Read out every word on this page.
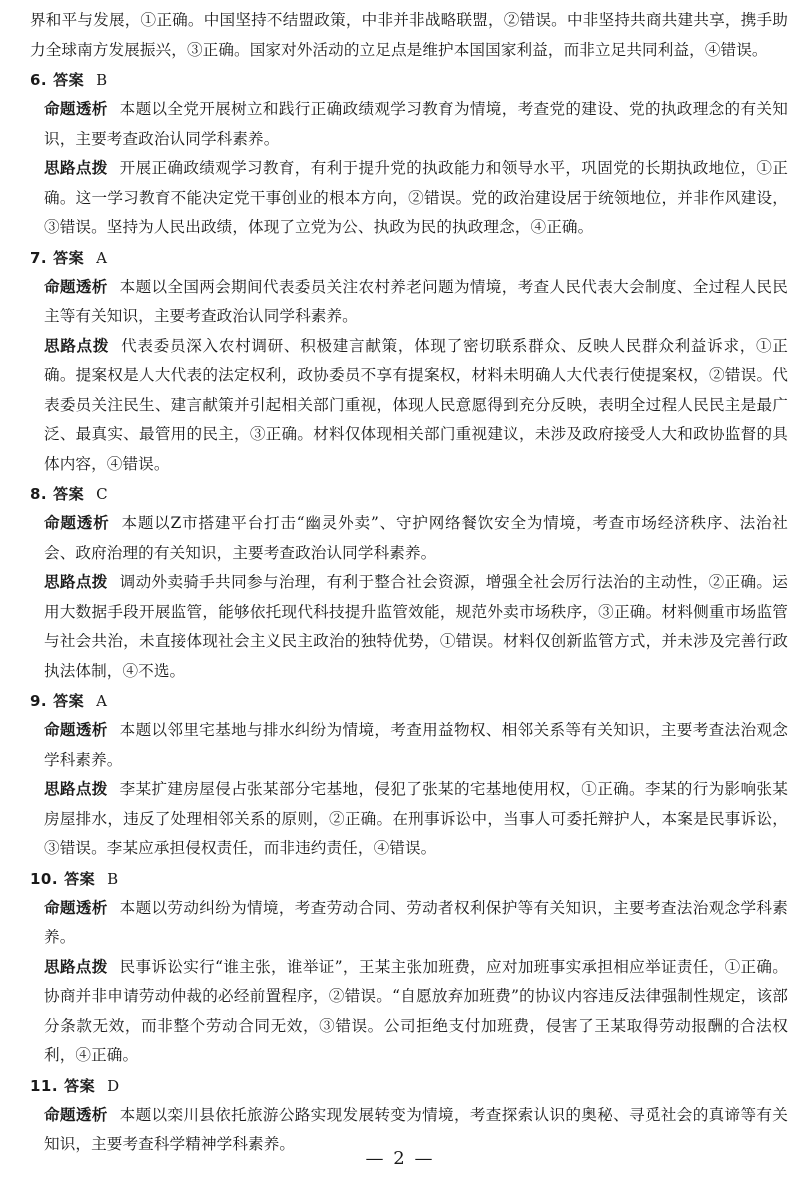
界和平与发展，①正确。中国坚持不结盟政策，中非并非战略联盟，②错误。中非坚持共商共建共享，携手助力全球南方发展振兴，③正确。国家对外活动的立足点是维护本国国家利益，而非立足共同利益，④错误。

6. 答案 B

命题透析 本题以全党开展树立和践行正确政绩观学习教育为情境，考查党的建设、党的执政理念的有关知识，主要考查政治认同学科素养。

思路点拨 开展正确政绩观学习教育，有利于提升党的执政能力和领导水平，巩固党的长期执政地位，①正确。这一学习教育不能决定党干事创业的根本方向，②错误。党的政治建设居于统领地位，并非作风建设，③错误。坚持为人民出政绩，体现了立党为公、执政为民的执政理念，④正确。

7. 答案 A

命题透析 本题以全国两会期间代表委员关注农村养老问题为情境，考查人民代表大会制度、全过程人民民主等有关知识，主要考查政治认同学科素养。

思路点拨 代表委员深入农村调研、积极建言献策，体现了密切联系群众、反映人民群众利益诉求，①正确。提案权是人大代表的法定权利，政协委员不享有提案权，材料未明确人大代表行使提案权，②错误。代表委员关注民生、建言献策并引起相关部门重视，体现人民意愿得到充分反映，表明全过程人民民主是最广泛、最真实、最管用的民主，③正确。材料仅体现相关部门重视建议，未涉及政府接受人大和政协监督的具体内容，④错误。

8. 答案 C

命题透析 本题以Z市搭建平台打击“幽灵外卖”、守护网络餐饮安全为情境，考查市场经济秩序、法治社会、政府治理的有关知识，主要考查政治认同学科素养。

思路点拨 调动外卖骑手共同参与治理，有利于整合社会资源，增强全社会厉行法治的主动性，②正确。运用大数据手段开展监管，能够依托现代科技提升监管效能，规范外卖市场秩序，③正确。材料侧重市场监管与社会共治，未直接体现社会主义民主政治的独特优势，①错误。材料仅创新监管方式，并未涉及完善行政执法体制，④不选。

9. 答案 A

命题透析 本题以邻里宅基地与排水纠纷为情境，考查用益物权、相邻关系等有关知识，主要考查法治观念学科素养。

思路点拨 李某扩建房屋侵占张某部分宅基地，侵犯了张某的宅基地使用权，①正确。李某的行为影响张某房屋排水，违反了处理相邻关系的原则，②正确。在刑事诉讼中，当事人可委托辩护人，本案是民事诉讼，③错误。李某应承担侵权责任，而非违约责任，④错误。

10. 答案 B

命题透析 本题以劳动纠纷为情境，考查劳动合同、劳动者权利保护等有关知识，主要考查法治观念学科素养。

思路点拨 民事诉讼实行“谁主张，谁举证”，王某主张加班费，应对加班事实承担相应举证责任，①正确。协商并非申请劳动仲裁的必经前置程序，②错误。“自愿放弃加班费”的协议内容违反法律强制性规定，该部分条款无效，而非整个劳动合同无效，③错误。公司拒绝支付加班费，侵害了王某取得劳动报酬的合法权利，④正确。

11. 答案 D

命题透析 本题以栾川县依托旅游公路实现发展转变为情境，考查探索认识的奥秘、寻觅社会的真谛等有关知识，主要考查科学精神学科素养。

— 2 —
